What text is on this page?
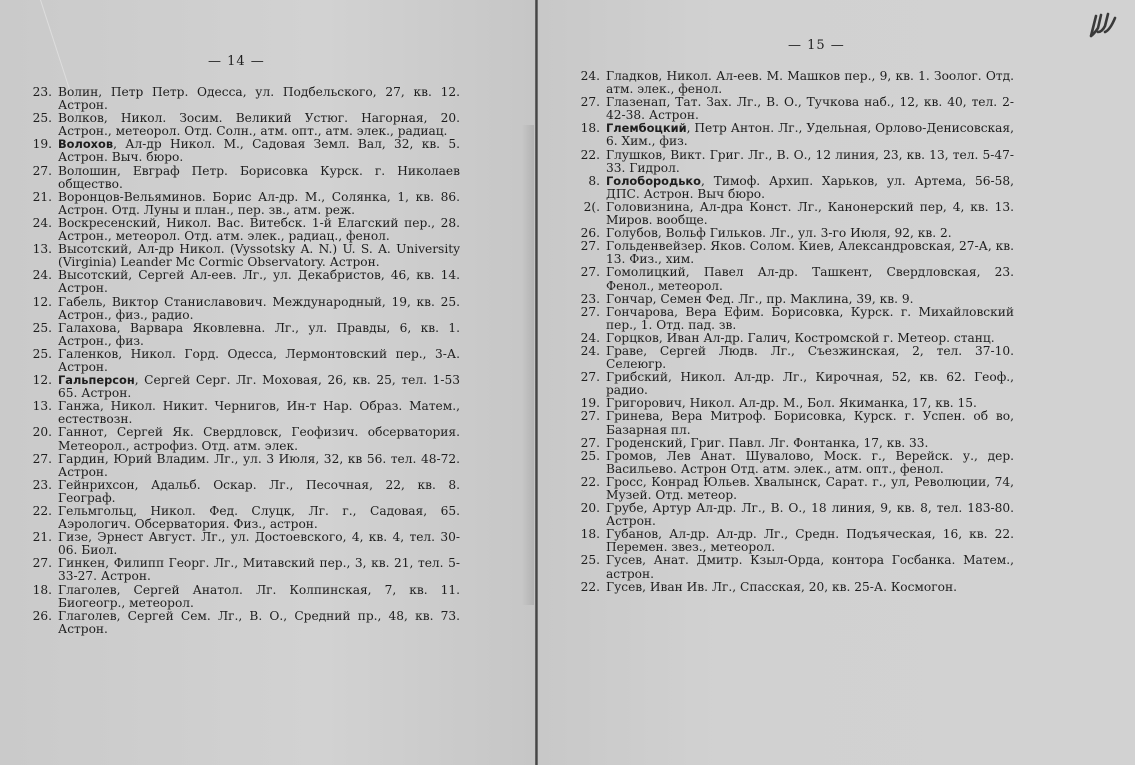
— 14 —
23. Волин, Петр Петр. Одесса, ул. Подбельского, 27, кв. 12. Астрон.
25. Волков, Никол. Зосим. Великий Устюг. Нагорная, 20. Астрон., метеорол. Отд. Солн., атм. опт., атм. элек., радиац.
19. Волохов, Ал-др Никол. М., Садовая Земл. Вал, 32, кв. 5. Астрон. Выч. бюро.
27. Волошин, Евграф Петр. Борисовка Курск. г. Николаев общество.
21. Воронцов-Вельяминов. Борис Ал-др. М., Солянка, 1, кв. 86. Астрон. Отд. Луны и план., пер. зв., атм. реж.
24. Воскресенский, Никол. Вас. Витебск. 1-й Елагский пер., 28. Астрон., метеорол. Отд. атм. элек., радиац., фенол.
13. Высотский, Ал-др Никол. (Vyssotsky A. N.) U. S. A. University (Virginia) Leander Mc Cormic Observatory. Астрон.
24. Высотский, Сергей Ал-еев. Лг., ул. Декабристов, 46, кв. 14. Астрон.
12. Габель, Виктор Станиславович. Международный, 19, кв. 25. Астрон., физ., радио.
25. Галахова, Варвара Яковлевна. Лг., ул. Правды, 6, кв. 1. Астрон., физ.
25. Галенков, Никол. Горд. Одесса, Лермонтовский пер., 3-А. Астрон.
12. Гальперсон, Сергей Серг. Лг. Моховая, 26, кв. 25, тел. 1-53 65. Астрон.
13. Ганжа, Никол. Никит. Чернигов, Ин-т Нар. Образ. Матем., естествозн.
20. Ганнот, Сергей Як. Свердловск, Геофизич. обсерватория. Метеорол., астрофиз. Отд. атм. элек.
27. Гардин, Юрий Владим. Лг., ул. 3 Июля, 32, кв 56. тел. 48-72. Астрон.
23. Гейнрихсон, Адальб. Оскар. Лг., Песочная, 22, кв. 8. Географ.
22. Гельмгольц, Никол. Фед. Слуцк, Лг. г., Садовая, 65. Аэрологич. Обсерватория. Физ., астрон.
21. Гизе, Эрнест Август. Лг., ул. Достоевского, 4, кв. 4, тел. 30-06. Биол.
27. Гинкен, Филипп Георг. Лг., Митавский пер., 3, кв. 21, тел. 5-33-27. Астрон.
18. Глаголев, Сергей Анатол. Лг. Колпинская, 7, кв. 11. Биогеогр., метеорол.
26. Глаголев, Сергей Сем. Лг., В. О., Средний пр., 48, кв. 73. Астрон.
— 15 —
24. Гладков, Никол. Ал-еев. М. Машков пер., 9, кв. 1. Зоолог. Отд. атм. элек., фенол.
27. Глазенап, Тат. Зах. Лг., В. О., Тучкова наб., 12, кв. 40, тел. 2-42-38. Астрон.
18. Глембоцкий, Петр Антон. Лг., Удельная, Орлово-Денисовская, 6. Хим., физ.
22. Глушков, Викт. Григ. Лг., В. О., 12 линия, 23, кв. 13, тел. 5-47-33. Гидрол.
8. Голобородько, Тимоф. Архип. Харьков, ул. Артема, 56-58, ДПС. Астрон. Выч бюро.
2(. Головизнина, Ал-дра Конст. Лг., Канонерский пер, 4, кв. 13. Миров. вообще.
26. Голубов, Вольф Гильков. Лг., ул. 3-го Июля, 92, кв. 2.
27. Гольденвейзер. Яков. Солом. Киев, Александровская, 27-А, кв. 13. Физ., хим.
27. Гомолицкий, Павел Ал-др. Ташкент, Свердловская, 23. Фенол., метеорол.
23. Гончар, Семен Фед. Лг., пр. Маклина, 39, кв. 9.
27. Гончарова, Вера Ефим. Борисовка, Курск. г. Михайловский пер., 1. Отд. пад. зв.
24. Горцков, Иван Ал-др. Галич, Костромской г. Метеор. станц.
24. Граве, Сергей Людв. Лг., Съезжинская, 2, тел. 37-10. Селеюгр.
27. Грибский, Никол. Ал-др. Лг., Кирочная, 52, кв. 62. Геоф., радио.
19. Григорович, Никол. Ал-др. М., Бол. Якиманка, 17, кв. 15.
27. Гринева, Вера Митроф. Борисовка, Курск. г. Успен. об во, Базарная пл.
27. Гроденский, Григ. Павл. Лг. Фонтанка, 17, кв. 33.
25. Громов, Лев Анат. Шувалово, Моск. г., Верейск. у., дер. Васильево. Астрон Отд. атм. элек., атм. опт., фенол.
22. Гросс, Конрад Юльев. Хвалынск, Сарат. г., ул, Революции, 74, Музей. Отд. метеор.
20. Грубе, Артур Ал-др. Лг., В. О., 18 линия, 9, кв. 8, тел. 183-80. Астрон.
18. Губанов, Ал-др. Ал-др. Лг., Средн. Подъяческая, 16, кв. 22. Перемен. звез., метеорол.
25. Гусев, Анат. Дмитр. Кзыл-Орда, контора Госбанка. Матем., астрон.
22. Гусев, Иван Ив. Лг., Спасская, 20, кв. 25-А. Космогон.
